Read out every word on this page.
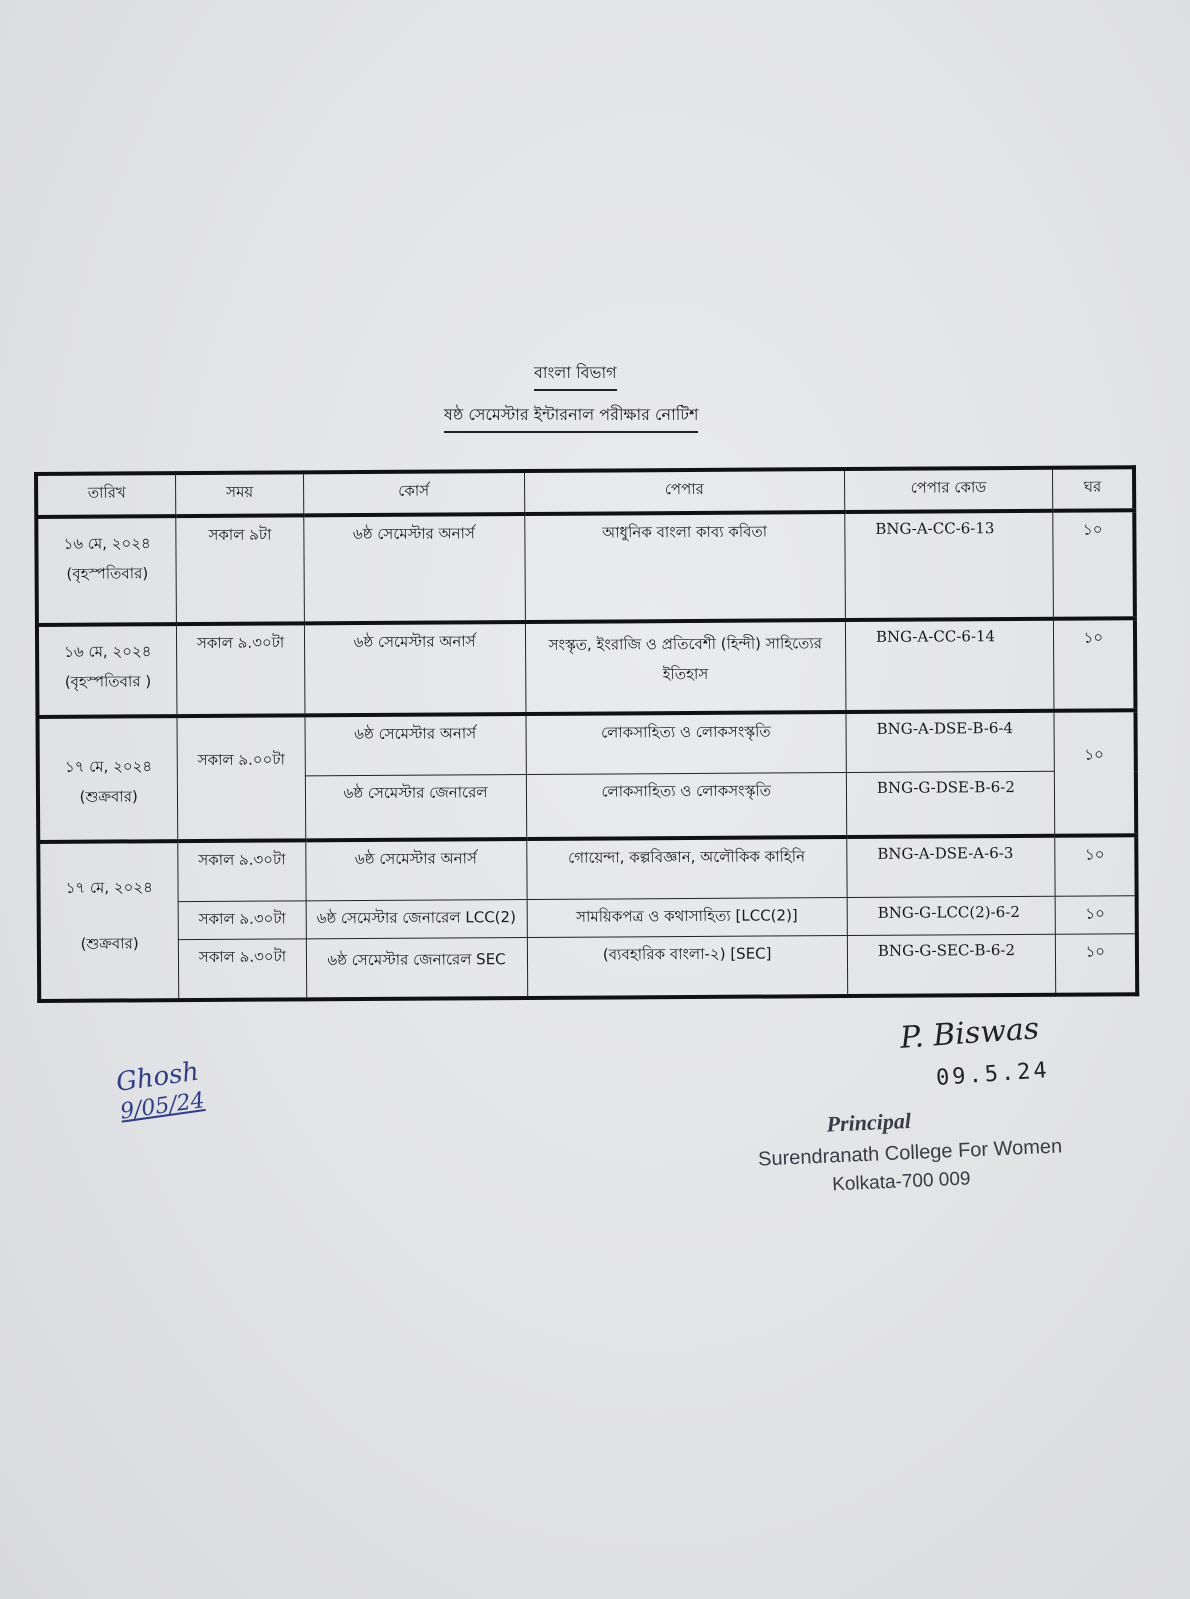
বাংলা বিভাগ
ষষ্ঠ সেমেস্টার ইন্টারনাল পরীক্ষার নোটিশ
তারিখ	সময়	কোর্স	পেপার	পেপার কোড	ঘর

১৬ মে, ২০২৪
(বৃহস্পতিবার)	সকাল ৯টা	৬ষ্ঠ সেমেস্টার অনার্স	আধুনিক বাংলা কাব্য কবিতা	BNG-A-CC-6-13	১০

১৬ মে, ২০২৪
(বৃহস্পতিবার )	সকাল ৯.৩০টা	৬ষ্ঠ সেমেস্টার অনার্স	সংস্কৃত, ইংরাজি ও প্রতিবেশী (হিন্দী) সাহিত্যের ইতিহাস	BNG-A-CC-6-14	১০

১৭ মে, ২০২৪
(শুক্রবার)	সকাল ৯.০০টা	৬ষ্ঠ সেমেস্টার অনার্স	লোকসাহিত্য ও লোকসংস্কৃতি	BNG-A-DSE-B-6-4	১০
		৬ষ্ঠ সেমেস্টার জেনারেল	লোকসাহিত্য ও লোকসংস্কৃতি	BNG-G-DSE-B-6-2	

১৭ মে, ২০২৪
(শুক্রবার)	সকাল ৯.৩০টা	৬ষ্ঠ সেমেস্টার অনার্স	গোয়েন্দা, কল্পবিজ্ঞান, অলৌকিক কাহিনি	BNG-A-DSE-A-6-3	১০
	সকাল ৯.৩০টা	৬ষ্ঠ সেমেস্টার জেনারেল LCC(2)	সাময়িকপত্র ও কথাসাহিত্য [LCC(2)]	BNG-G-LCC(2)-6-2	১০
	সকাল ৯.৩০টা	৬ষ্ঠ সেমেস্টার জেনারেল SEC	(ব্যবহারিক বাংলা-২) [SEC]	BNG-G-SEC-B-6-2	১০
Ghosh
9/05/24
P. Biswas
09.5.24
Principal
Surendranath College For Women
Kolkata-700 009
